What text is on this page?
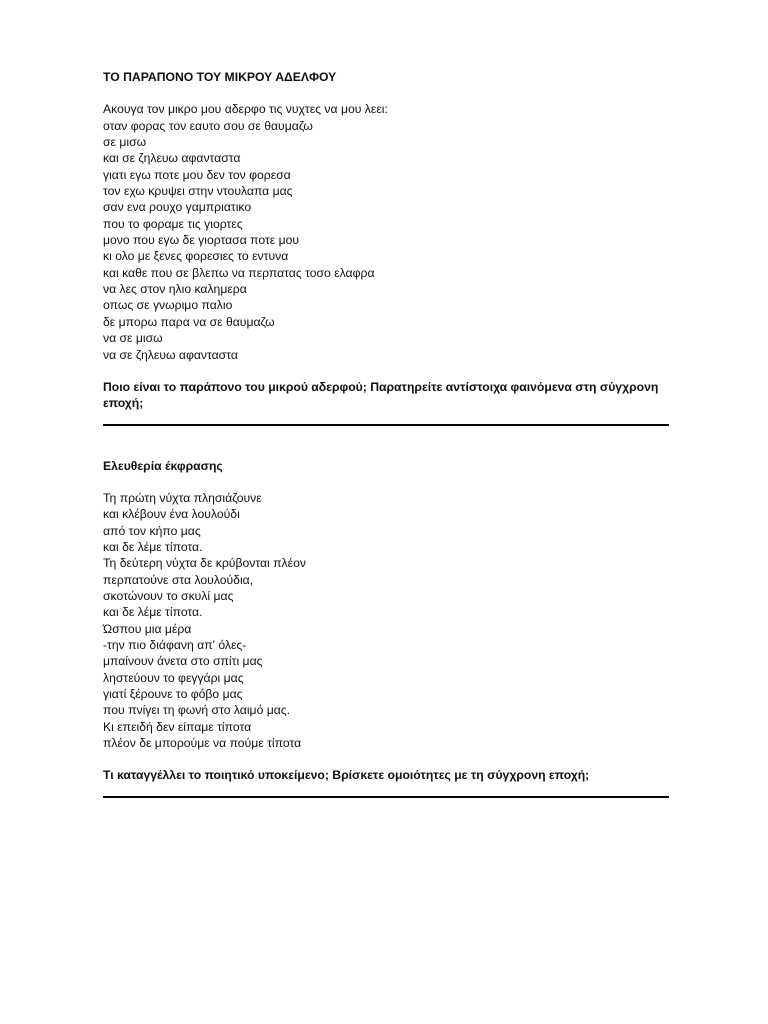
ΤΟ ΠΑΡΑΠΟΝΟ ΤΟΥ ΜΙΚΡΟΥ ΑΔΕΛΦΟΥ
Ακουγα τον μικρο μου αδερφο τις νυχτες να μου λεει:
οταν φορας τον εαυτο σου σε θαυμαζω
σε μισω
και σε ζηλευω αφανταστα
γιατι εγω ποτε μου δεν τον φορεσα
τον εχω κρυψει στην ντουλαπα μας
σαν ενα ρουχο γαμπριατικο
που το φοραμε τις γιορτες
μονο που εγω δε γιορτασα ποτε μου
κι ολο με ξενες φορεσιες το εντυνα
και καθε που σε βλεπω να περπατας τοσο ελαφρα
να λες στον ηλιο καλημερα
οπως σε γνωριμο παλιο
δε μπορω παρα να σε θαυμαζω
να σε μισω
να σε ζηλευω αφανταστα
Ποιο είναι το παράπονο του μικρού αδερφού; Παρατηρείτε αντίστοιχα φαινόμενα στη σύγχρονη εποχή;
Ελευθερία έκφρασης
Τη πρώτη νύχτα πλησιάζουνε
και κλέβουν ένα λουλούδι
από τον κήπο μας
και δε λέμε τίποτα.
Τη δεύτερη νύχτα δε κρύβονται πλέον
περπατούνε στα λουλούδια,
σκοτώνουν το σκυλί μας
και δε λέμε τίποτα.
Ώσπου μια μέρα
-την πιο διάφανη απ' όλες-
μπαίνουν άνετα στο σπίτι μας
ληστεύουν το φεγγάρι μας
γιατί ξέρουνε το φόβο μας
που πνίγει τη φωνή στο λαιμό μας.
Κι επειδή δεν είπαμε τίποτα
πλέον δε μπορούμε να πούμε τίποτα
Τι καταγγέλλει το ποιητικό υποκείμενο; Βρίσκετε ομοιότητες με τη σύγχρονη εποχή;
